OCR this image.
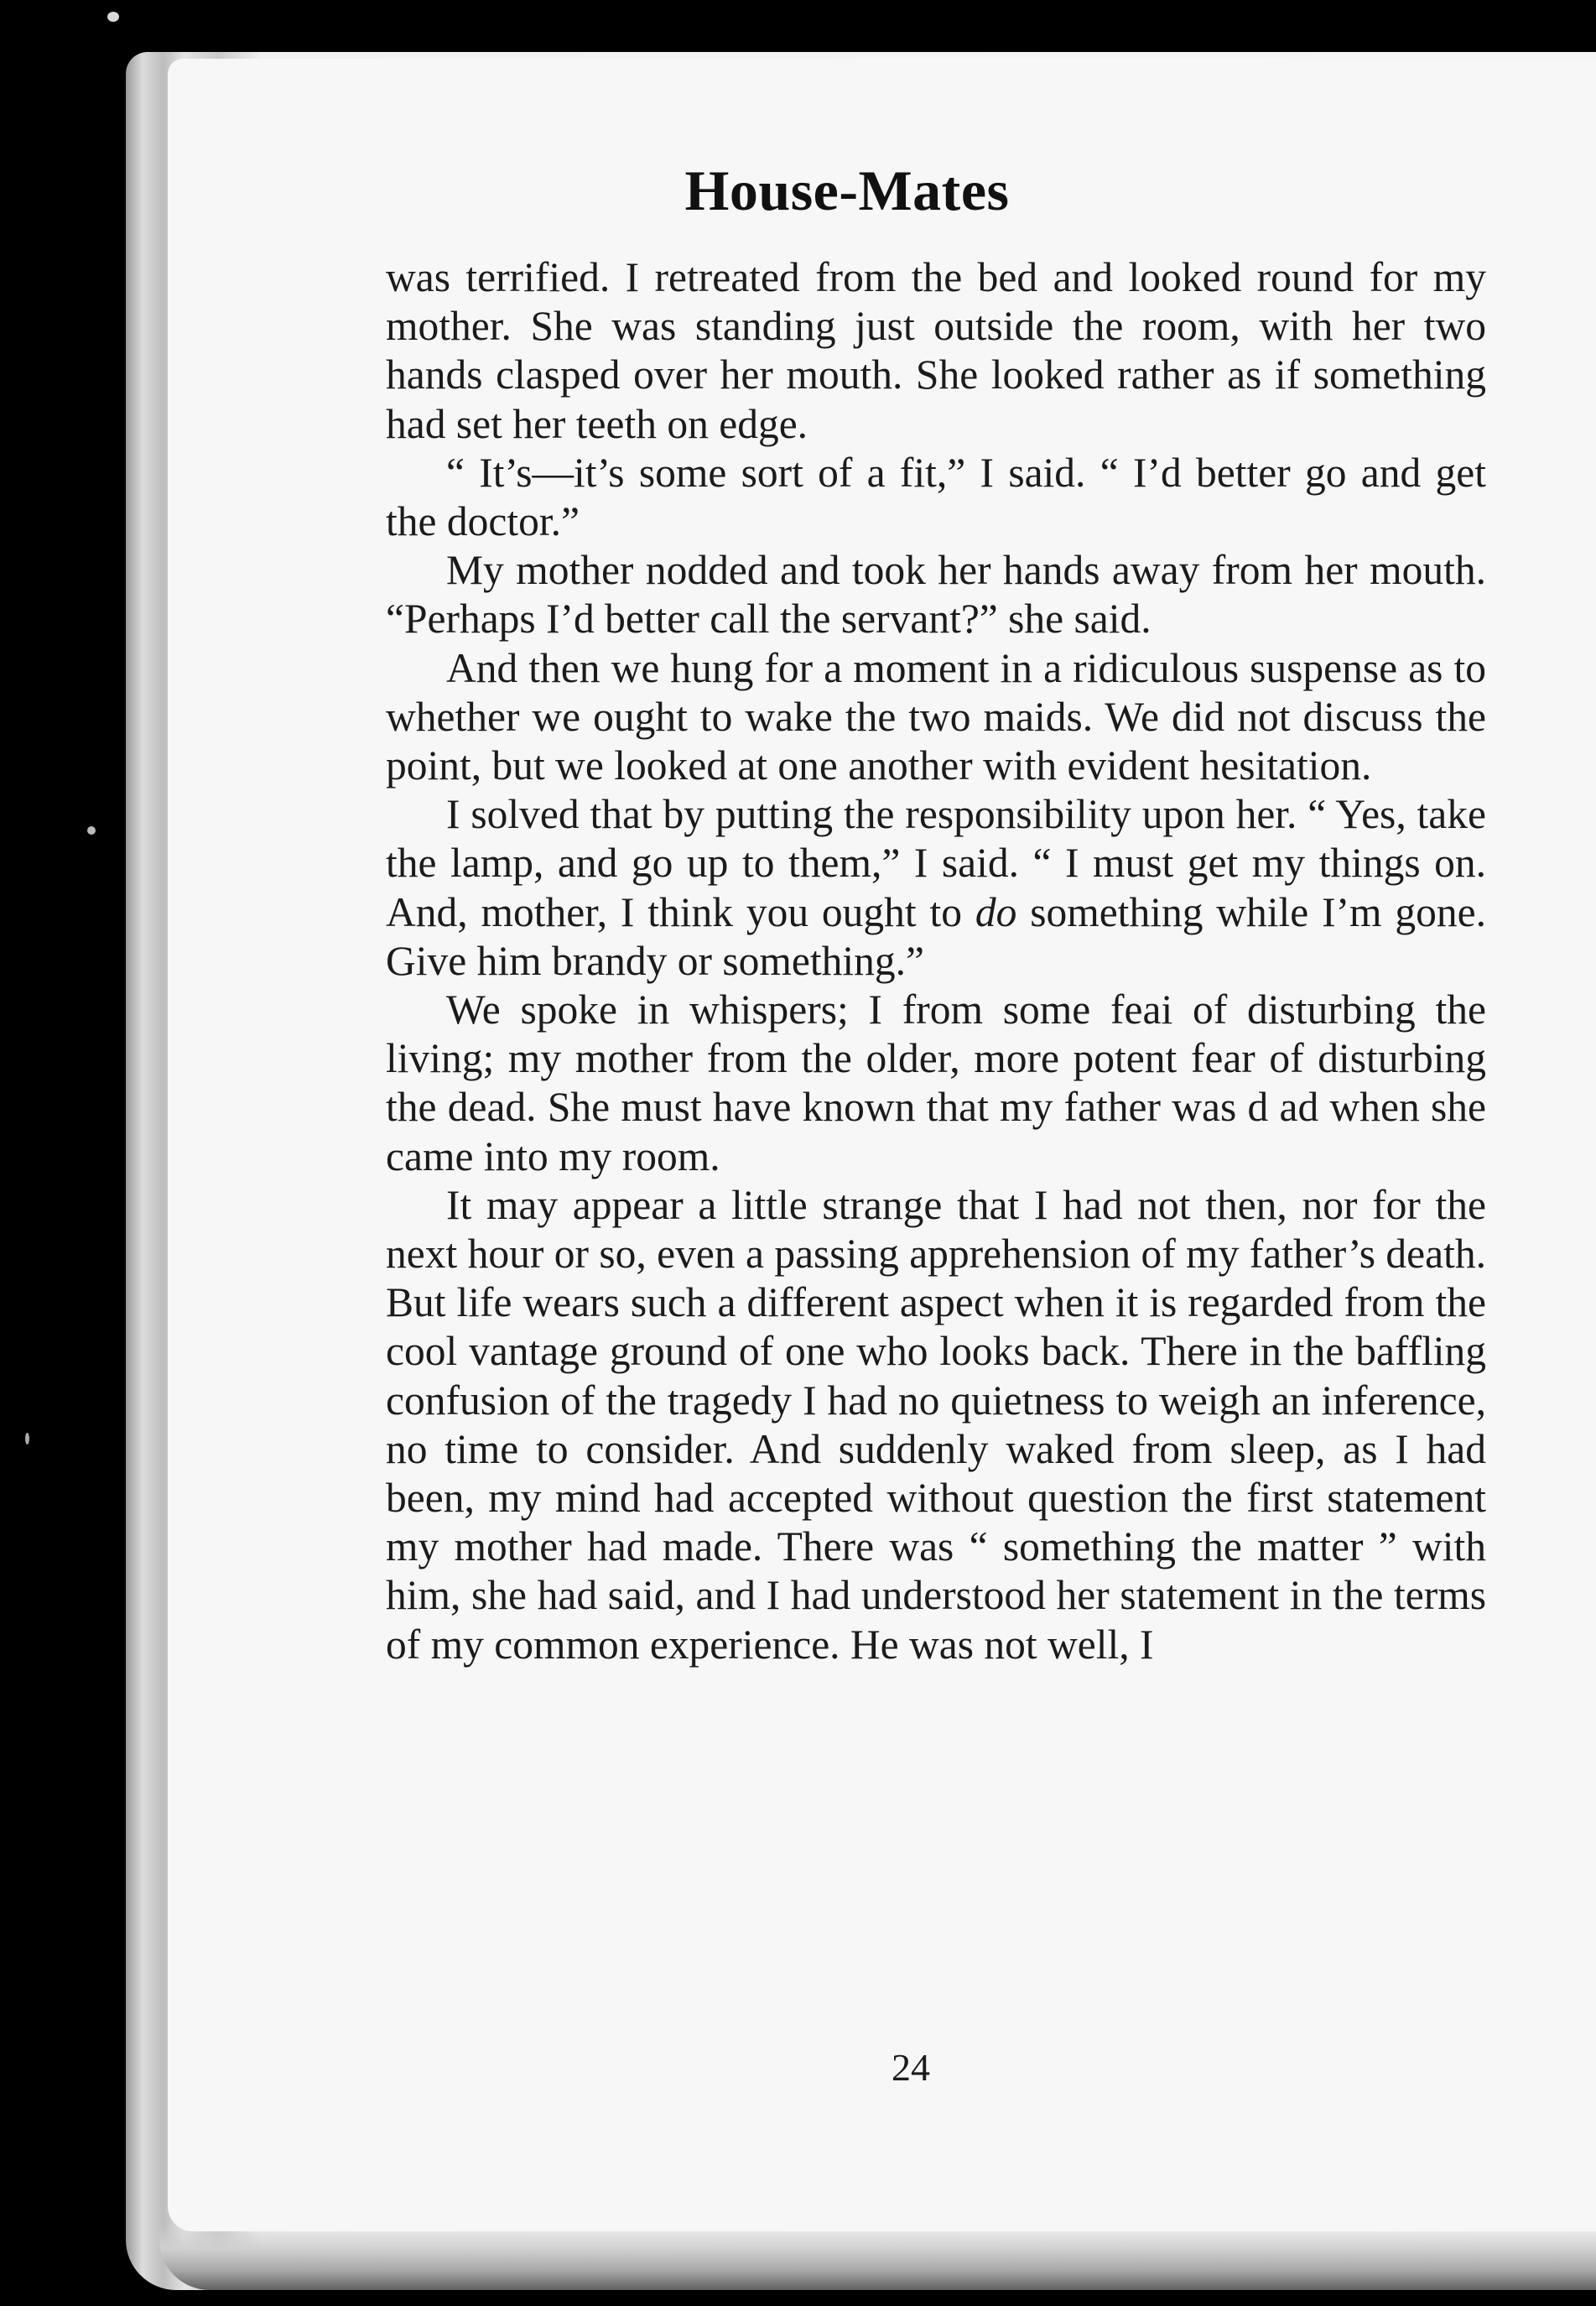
House-Mates

was terrified. I retreated from the bed and looked round for my mother. She was standing just outside the room, with her two hands clasped over her mouth. She looked rather as if something had set her teeth on edge.

“ It’s—it’s some sort of a fit,” I said. “ I’d better go and get the doctor.”

My mother nodded and took her hands away from her mouth. “Perhaps I’d better call the servant?” she said.

And then we hung for a moment in a ridiculous suspense as to whether we ought to wake the two maids. We did not discuss the point, but we looked at one another with evident hesitation.

I solved that by putting the responsibility upon her. “ Yes, take the lamp, and go up to them,” I said. “ I must get my things on. And, mother, I think you ought to do something while I’m gone. Give him brandy or something.”

We spoke in whispers; I from some feai of disturbing the living; my mother from the older, more potent fear of disturbing the dead. She must have known that my father was d ad when she came into my room.

It may appear a little strange that I had not then, nor for the next hour or so, even a passing apprehension of my father’s death. But life wears such a different aspect when it is regarded from the cool vantage ground of one who looks back. There in the baffling confusion of the tragedy I had no quietness to weigh an inference, no time to consider. And suddenly waked from sleep, as I had been, my mind had accepted without question the first statement my mother had made. There was “ something the matter ” with him, she had said, and I had understood her statement in the terms of my common experience. He was not well, I

24
